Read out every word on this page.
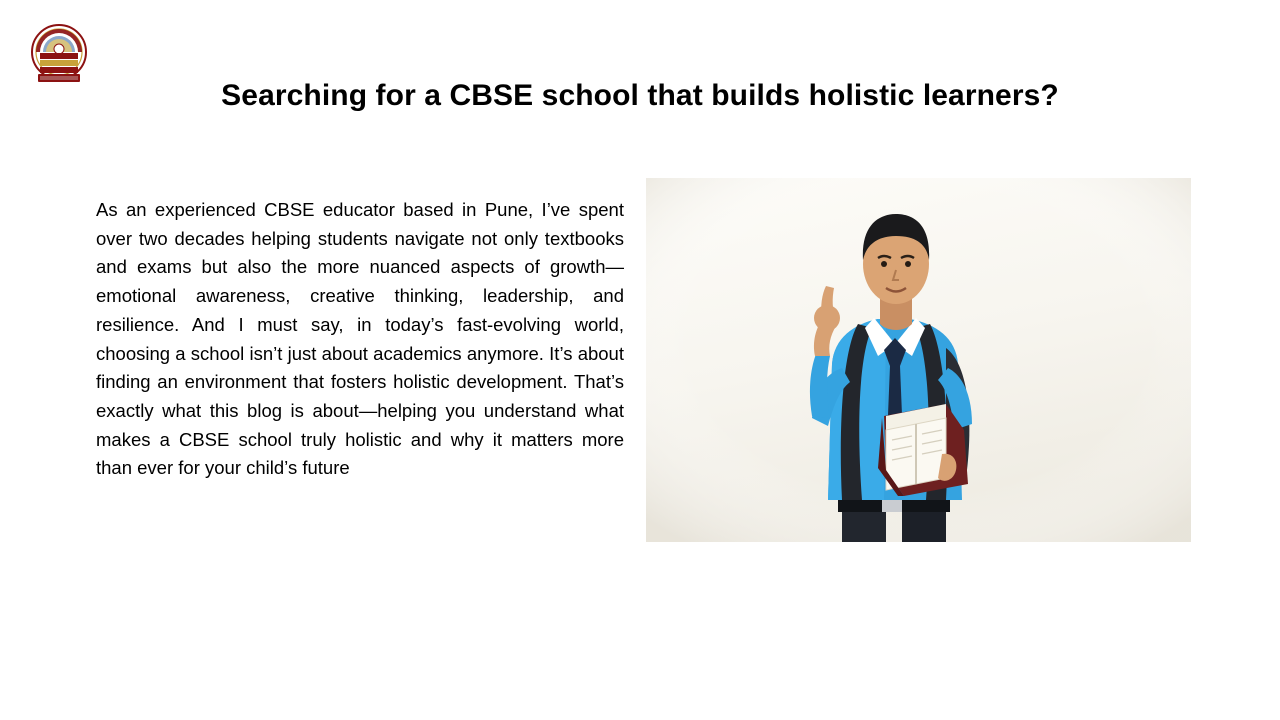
Searching for a CBSE school that builds holistic learners?
As an experienced CBSE educator based in Pune, I’ve spent over two decades helping students navigate not only textbooks and exams but also the more nuanced aspects of growth—emotional awareness, creative thinking, leadership, and resilience. And I must say, in today’s fast-evolving world, choosing a school isn’t just about academics anymore. It’s about finding an environment that fosters holistic development. That’s exactly what this blog is about—helping you understand what makes a CBSE school truly holistic and why it matters more than ever for your child’s future
